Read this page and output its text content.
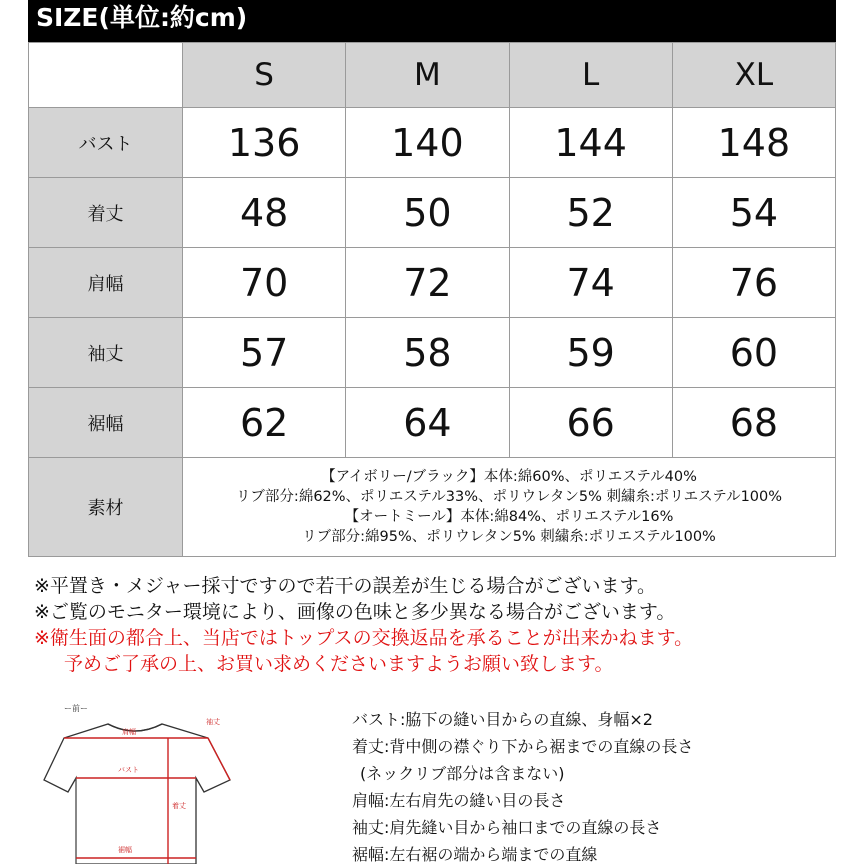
SIZE(単位:約cm)
	S	M	L	XL
バスト	136	140	144	148
着丈	48	50	52	54
肩幅	70	72	74	76
袖丈	57	58	59	60
裾幅	62	64	66	68
素材	【アイボリー/ブラック】本体:綿60%、ポリエステル40%
リブ部分:綿62%、ポリエステル33%、ポリウレタン5% 刺繍糸:ポリエステル100%
【オートミール】本体:綿84%、ポリエステル16%
リブ部分:綿95%、ポリウレタン5% 刺繍糸:ポリエステル100%			
※平置き・メジャー採寸ですので若干の誤差が生じる場合がございます。
※ご覧のモニター環境により、画像の色味と多少異なる場合がございます。
※衛生面の都合上、当店ではトップスの交換返品を承ることが出来かねます。
予めご了承の上、お買い求めくださいますようお願い致します。
ー前ー
肩幅
袖丈
バスト
着丈
裾幅
バスト:脇下の縫い目からの直線、身幅×2
着丈:背中側の襟ぐり下から裾までの直線の長さ
(ネックリブ部分は含まない)
肩幅:左右肩先の縫い目の長さ
袖丈:肩先縫い目から袖口までの直線の長さ
裾幅:左右裾の端から端までの直線
